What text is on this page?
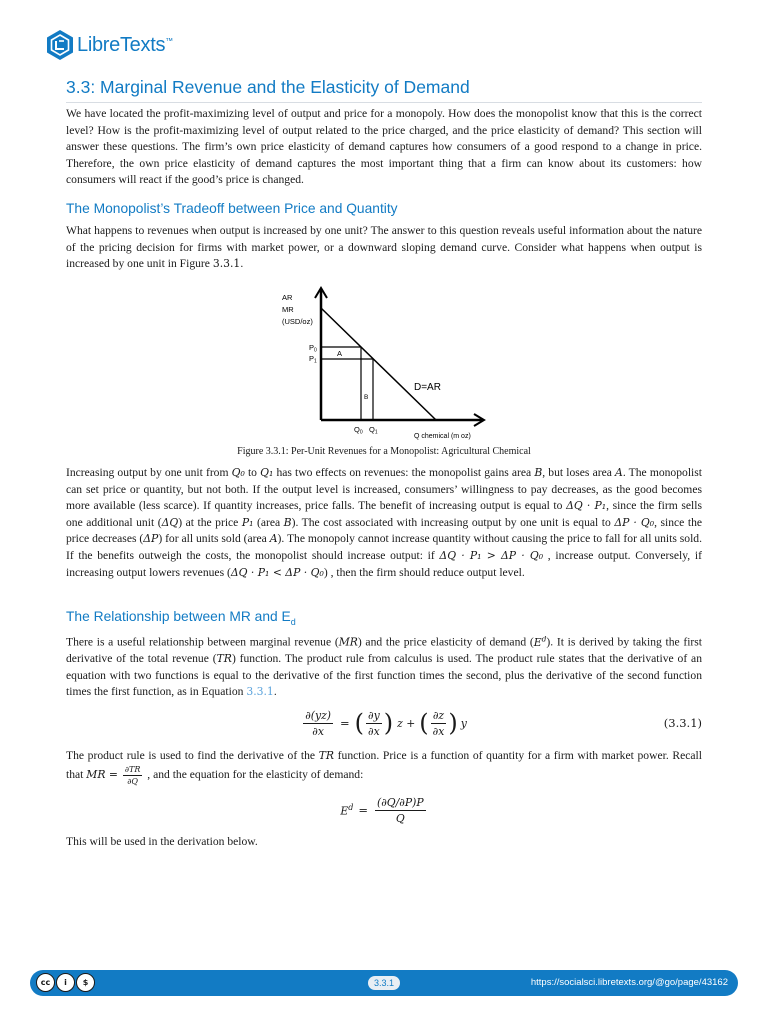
LibreTexts™
3.3: Marginal Revenue and the Elasticity of Demand

We have located the profit-maximizing level of output and price for a monopoly. How does the monopolist know that this is the correct level? How is the profit-maximizing level of output related to the price charged, and the price elasticity of demand? This section will answer these questions. The firm’s own price elasticity of demand captures how consumers of a good respond to a change in price. Therefore, the own price elasticity of demand captures the most important thing that a firm can know about its customers: how consumers will react if the good’s price is changed.

The Monopolist’s Tradeoff between Price and Quantity

What happens to revenues when output is increased by one unit? The answer to this question reveals useful information about the nature of the pricing decision for firms with market power, or a downward sloping demand curve. Consider what happens when output is increased by one unit in Figure 3.3.1.

AR
MR
(USD/oz)
$P_0$
$P_1$
A
B
D=AR
$Q_0$ $Q_1$
Q chemical (m oz)
Figure 3.3.1: Per-Unit Revenues for a Monopolist: Agricultural Chemical

Increasing output by one unit from Q₀ to Q₁ has two effects on revenues: the monopolist gains area B, but loses area A. The monopolist can set price or quantity, but not both. If the output level is increased, consumers’ willingness to pay decreases, as the good becomes more available (less scarce). If quantity increases, price falls. The benefit of increasing output is equal to ΔQ · P₁, since the firm sells one additional unit (ΔQ) at the price P₁ (area B). The cost associated with increasing output by one unit is equal to ΔP · Q₀, since the price decreases (ΔP) for all units sold (area A). The monopoly cannot increase quantity without causing the price to fall for all units sold. If the benefits outweigh the costs, the monopolist should increase output: if ΔQ · P₁ > ΔP · Q₀ , increase output. Conversely, if increasing output lowers revenues (ΔQ · P₁ < ΔP · Q₀) , then the firm should reduce output level.

The Relationship between MR and $E_d$

There is a useful relationship between marginal revenue (MR) and the price elasticity of demand $(E^d)$. It is derived by taking the first derivative of the total revenue (TR) function. The product rule from calculus is used. The product rule states that the derivative of an equation with two functions is equal to the derivative of the first function times the second, plus the derivative of the second function times the first function, as in Equation 3.3.1.

$\frac{\partial(yz)}{\partial x}$ = ( $\frac{\partial y}{\partial x}$ ) z + ( $\frac{\partial z}{\partial x}$ ) y	(3.3.1)

The product rule is used to find the derivative of the TR function. Price is a function of quantity for a firm with market power. Recall that MR = $\frac{\partial TR}{\partial Q}$ , and the equation for the elasticity of demand:

$E^d = \frac{(\partial Q/\partial P)P}{Q}$

This will be used in the derivation below.

cc	i	$	3.3.1	https://socialsci.libretexts.org/@go/page/43162
